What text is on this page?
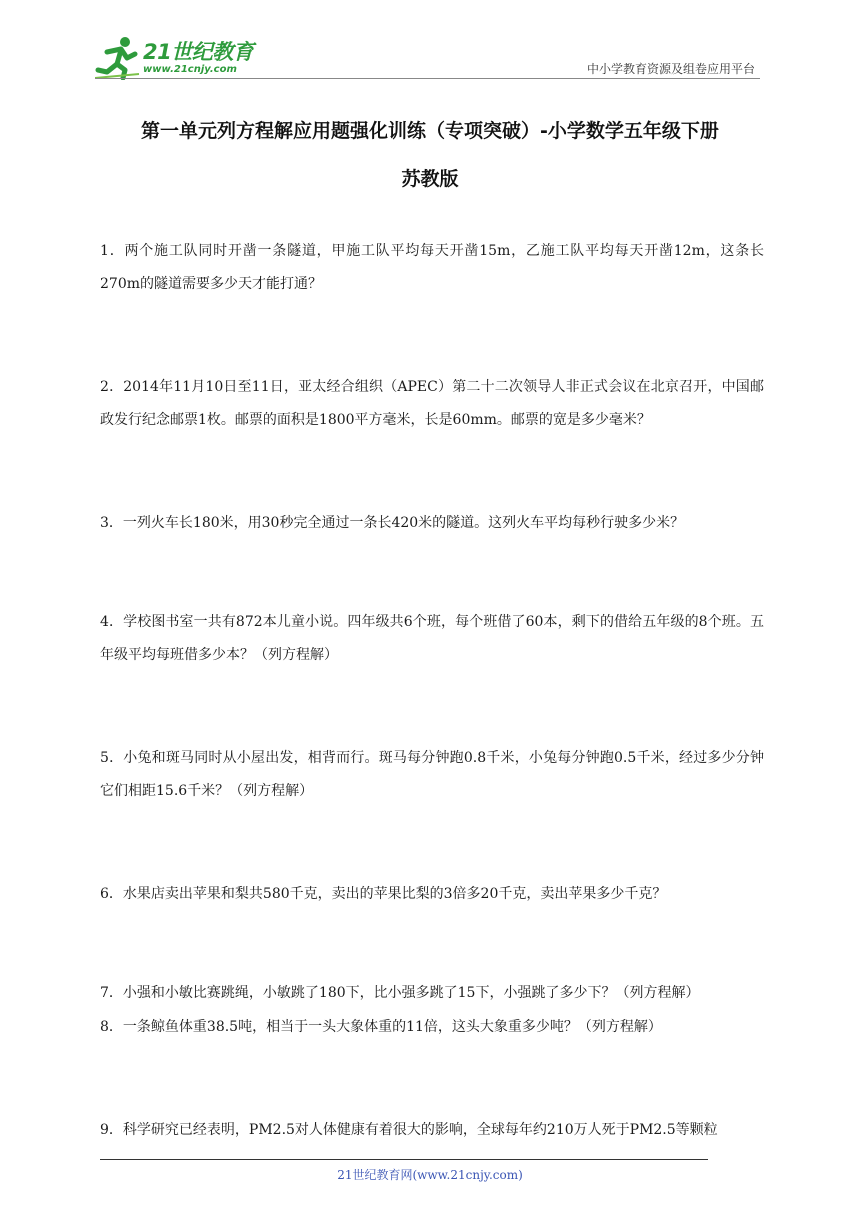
21世纪教育
www.21cnjy.com	中小学教育资源及组卷应用平台
第一单元列方程解应用题强化训练（专项突破）-小学数学五年级下册
苏教版
1．两个施工队同时开凿一条隧道，甲施工队平均每天开凿15m，乙施工队平均每天开凿12m，这条长270m的隧道需要多少天才能打通？
2．2014年11月10日至11日，亚太经合组织（APEC）第二十二次领导人非正式会议在北京召开，中国邮政发行纪念邮票1枚。邮票的面积是1800平方毫米，长是60mm。邮票的宽是多少毫米？
3．一列火车长180米，用30秒完全通过一条长420米的隧道。这列火车平均每秒行驶多少米？
4．学校图书室一共有872本儿童小说。四年级共6个班，每个班借了60本，剩下的借给五年级的8个班。五年级平均每班借多少本？（列方程解）
5．小兔和斑马同时从小屋出发，相背而行。斑马每分钟跑0.8千米，小兔每分钟跑0.5千米，经过多少分钟它们相距15.6千米？（列方程解）
6．水果店卖出苹果和梨共580千克，卖出的苹果比梨的3倍多20千克，卖出苹果多少千克？
7．小强和小敏比赛跳绳，小敏跳了180下，比小强多跳了15下，小强跳了多少下？（列方程解）
8．一条鲸鱼体重38.5吨，相当于一头大象体重的11倍，这头大象重多少吨？（列方程解）
9．科学研究已经表明，PM2.5对人体健康有着很大的影响，全球每年约210万人死于PM2.5等颗粒
21世纪教育网(www.21cnjy.com)
